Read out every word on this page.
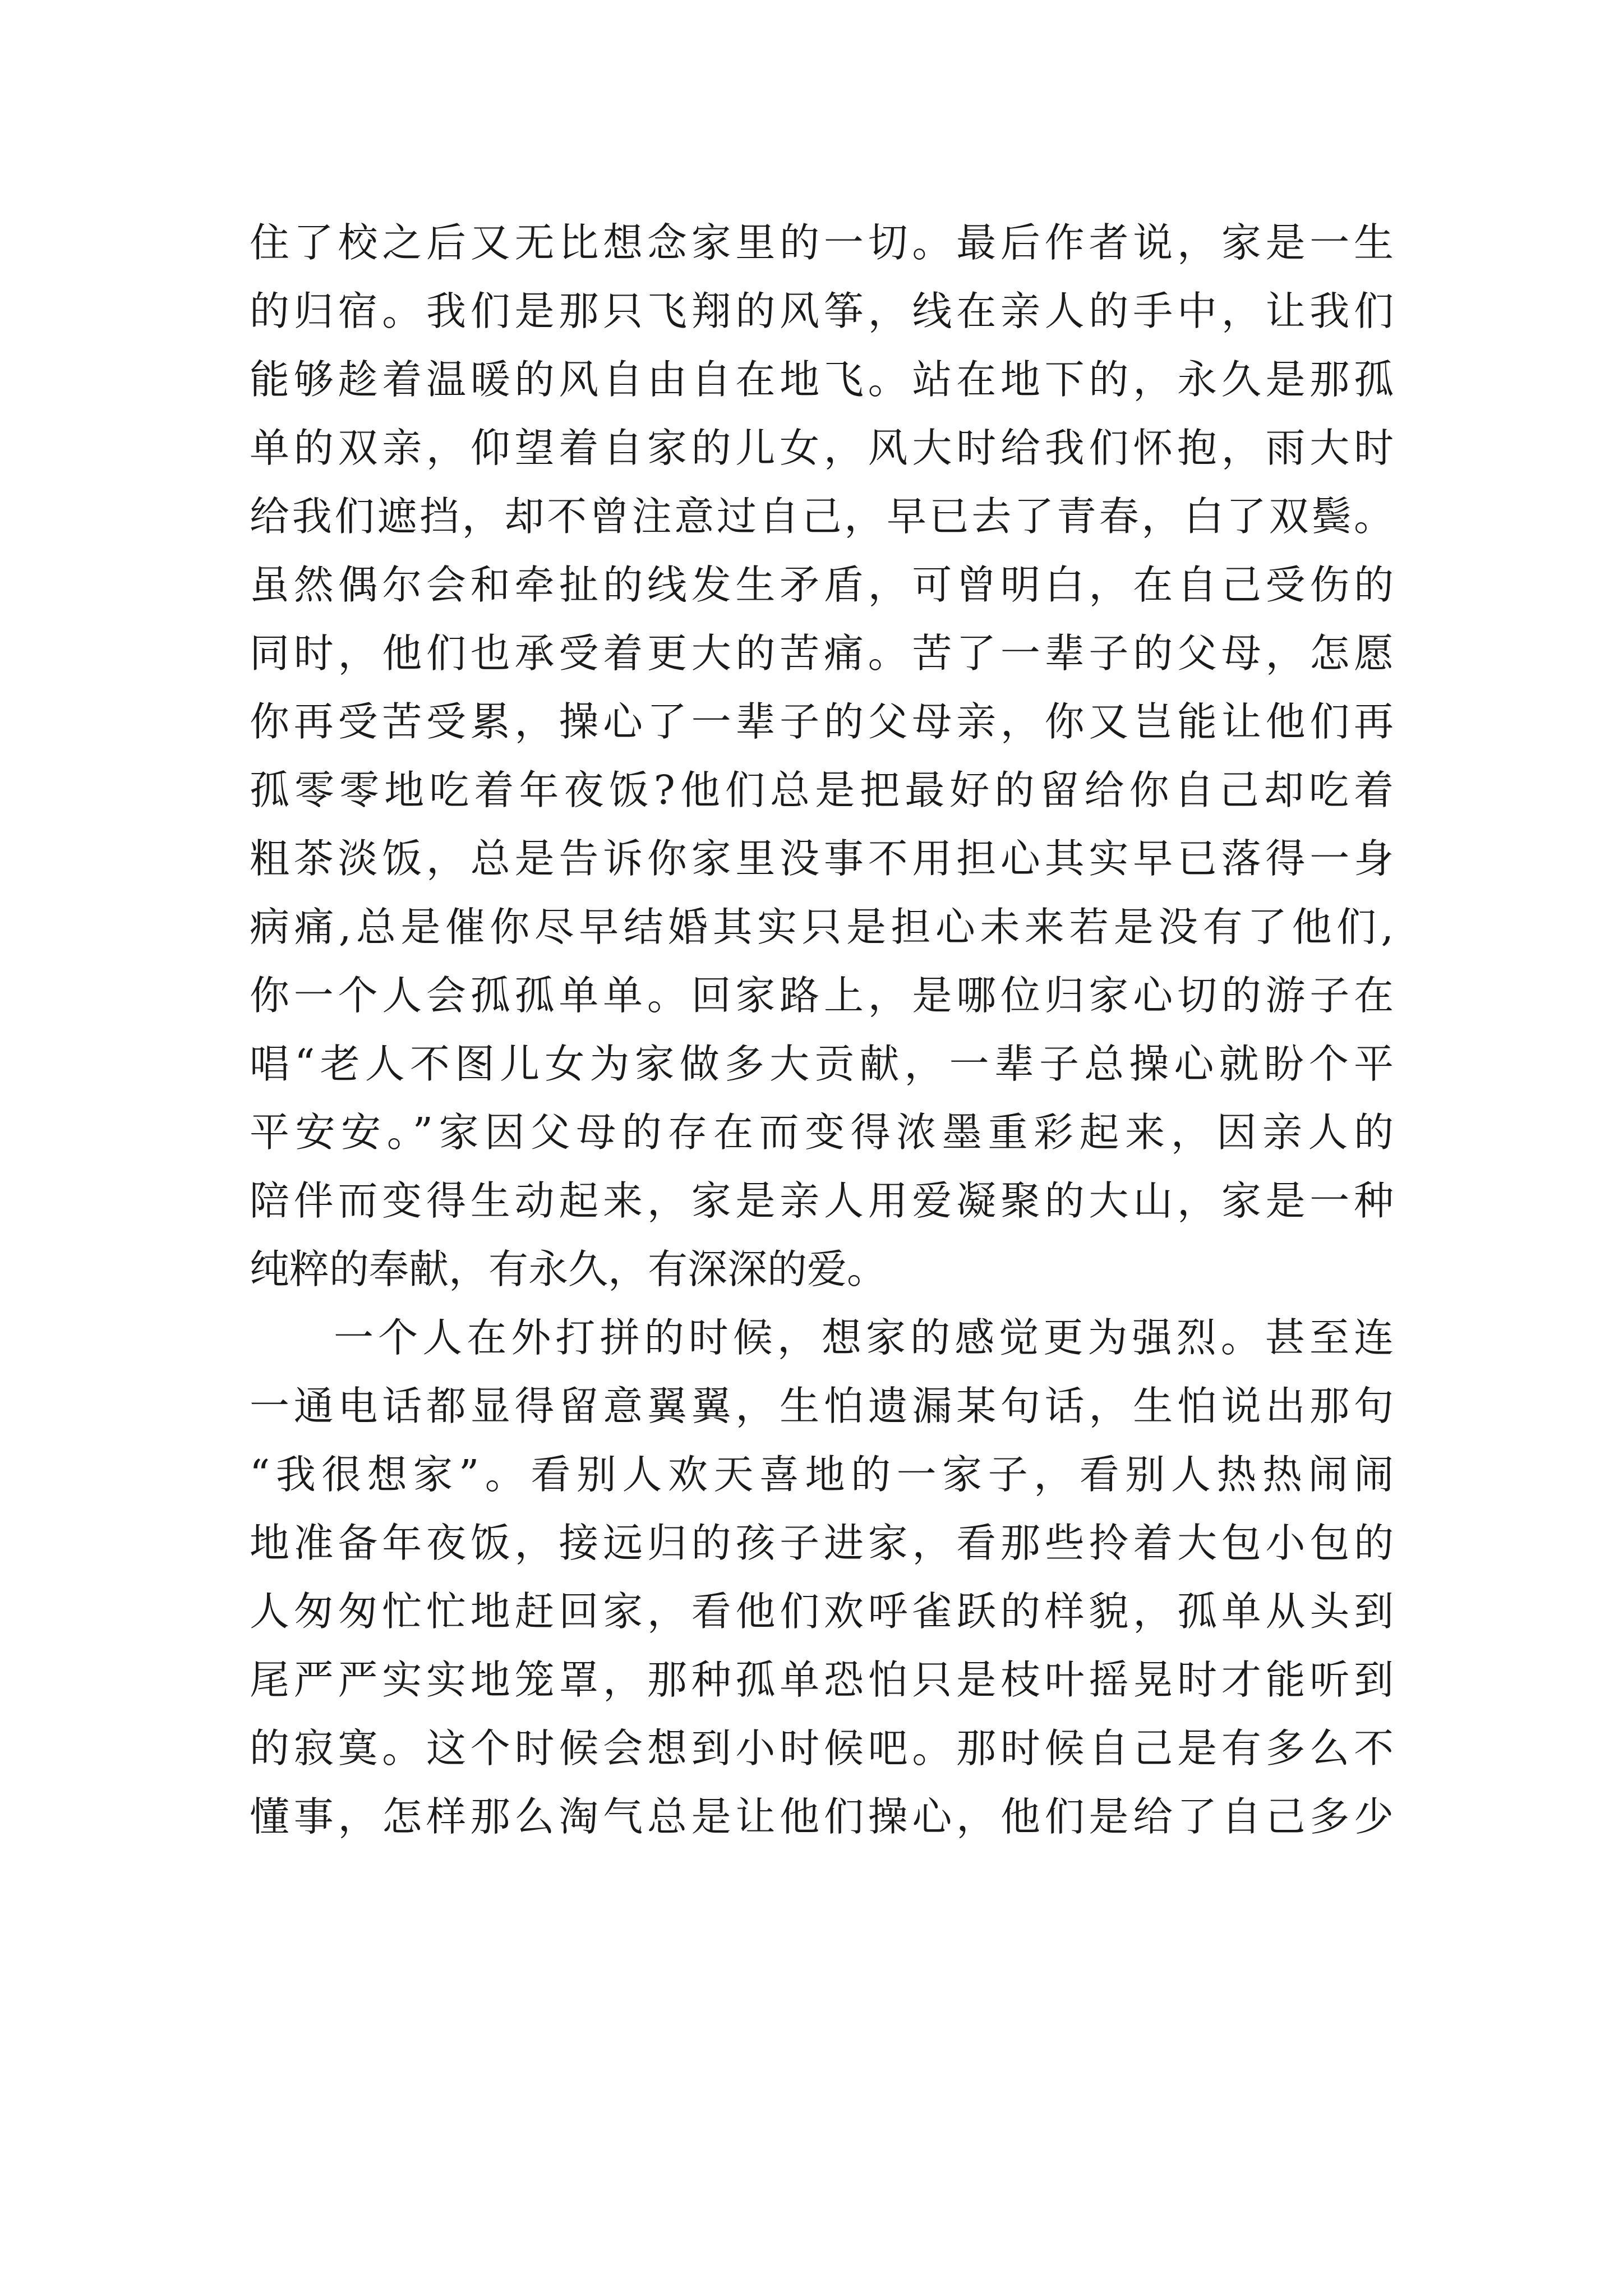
住了校之后又无比想念家里的一切。最后作者说，家是一生
的归宿。我们是那只飞翔的风筝，线在亲人的手中，让我们
能够趁着温暖的风自由自在地飞。站在地下的，永久是那孤
单的双亲，仰望着自家的儿女，风大时给我们怀抱，雨大时
给我们遮挡，却不曾注意过自己，早已去了青春，白了双鬓。
虽然偶尔会和牵扯的线发生矛盾，可曾明白，在自己受伤的
同时，他们也承受着更大的苦痛。苦了一辈子的父母，怎愿
你再受苦受累，操心了一辈子的父母亲，你又岂能让他们再
孤零零地吃着年夜饭?他们总是把最好的留给你自己却吃着
粗茶淡饭，总是告诉你家里没事不用担心其实早已落得一身
病痛,总是催你尽早结婚其实只是担心未来若是没有了他们,
你一个人会孤孤单单。回家路上，是哪位归家心切的游子在
唱“老人不图儿女为家做多大贡献，一辈子总操心就盼个平
平安安。”家因父母的存在而变得浓墨重彩起来，因亲人的
陪伴而变得生动起来，家是亲人用爱凝聚的大山，家是一种
纯粹的奉献，有永久，有深深的爱。
一个人在外打拼的时候，想家的感觉更为强烈。甚至连
一通电话都显得留意翼翼，生怕遗漏某句话，生怕说出那句
“我很想家”。看别人欢天喜地的一家子，看别人热热闹闹
地准备年夜饭，接远归的孩子进家，看那些拎着大包小包的
人匆匆忙忙地赶回家，看他们欢呼雀跃的样貌，孤单从头到
尾严严实实地笼罩，那种孤单恐怕只是枝叶摇晃时才能听到
的寂寞。这个时候会想到小时候吧。那时候自己是有多么不
懂事，怎样那么淘气总是让他们操心，他们是给了自己多少
